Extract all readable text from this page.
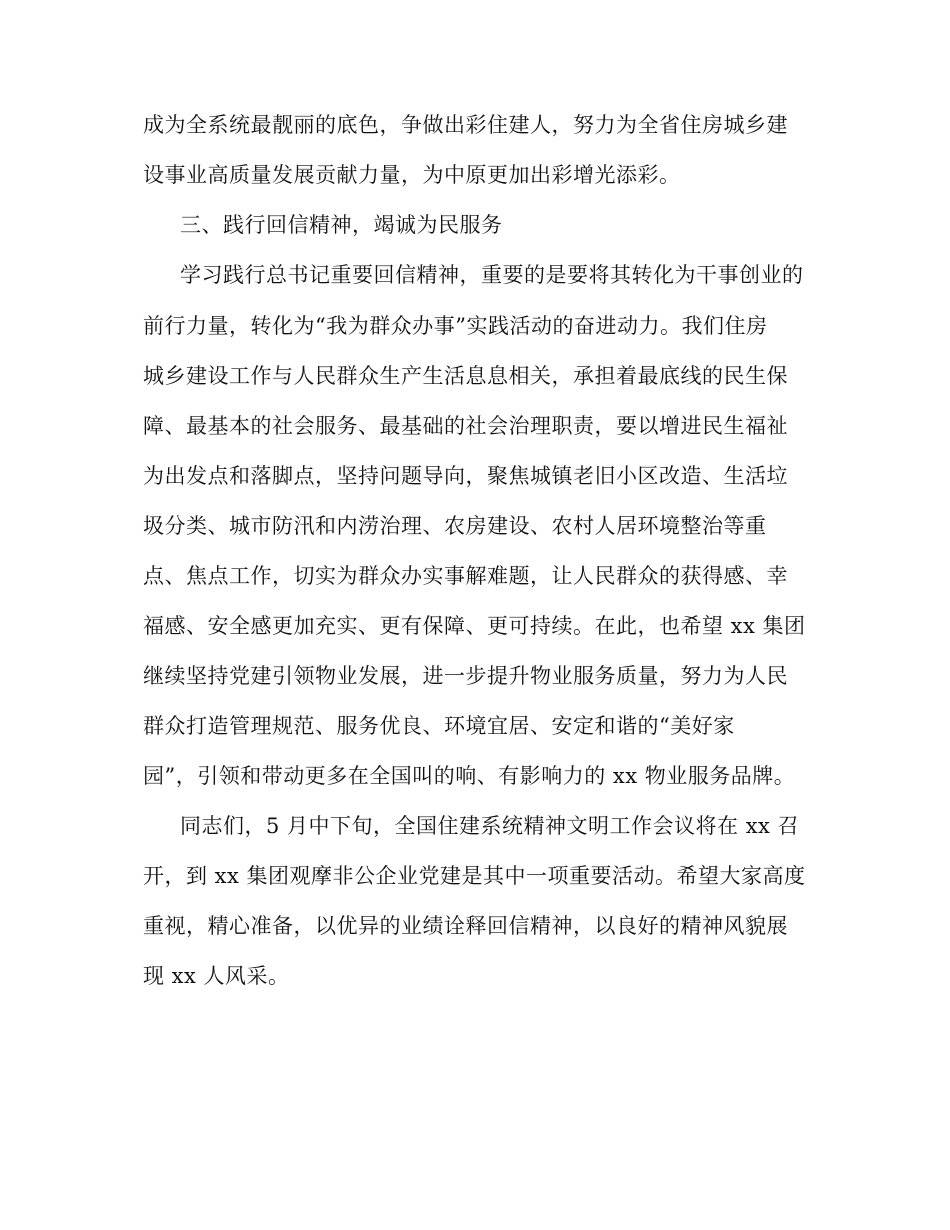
成为全系统最靓丽的底色，争做出彩住建人，努力为全省住房城乡建
设事业高质量发展贡献力量，为中原更加出彩增光添彩。
三、践行回信精神，竭诚为民服务
学习践行总书记重要回信精神，重要的是要将其转化为干事创业的
前行力量，转化为“我为群众办事”实践活动的奋进动力。我们住房
城乡建设工作与人民群众生产生活息息相关，承担着最底线的民生保
障、最基本的社会服务、最基础的社会治理职责，要以增进民生福祉
为出发点和落脚点，坚持问题导向，聚焦城镇老旧小区改造、生活垃
圾分类、城市防汛和内涝治理、农房建设、农村人居环境整治等重
点、焦点工作，切实为群众办实事解难题，让人民群众的获得感、幸
福感、安全感更加充实、更有保障、更可持续。在此，也希望 xx 集团
继续坚持党建引领物业发展，进一步提升物业服务质量，努力为人民
群众打造管理规范、服务优良、环境宜居、安定和谐的“美好家
园”，引领和带动更多在全国叫的响、有影响力的 xx 物业服务品牌。
同志们，5 月中下旬，全国住建系统精神文明工作会议将在 xx 召
开，到 xx 集团观摩非公企业党建是其中一项重要活动。希望大家高度
重视，精心准备，以优异的业绩诠释回信精神，以良好的精神风貌展
现 xx 人风采。
